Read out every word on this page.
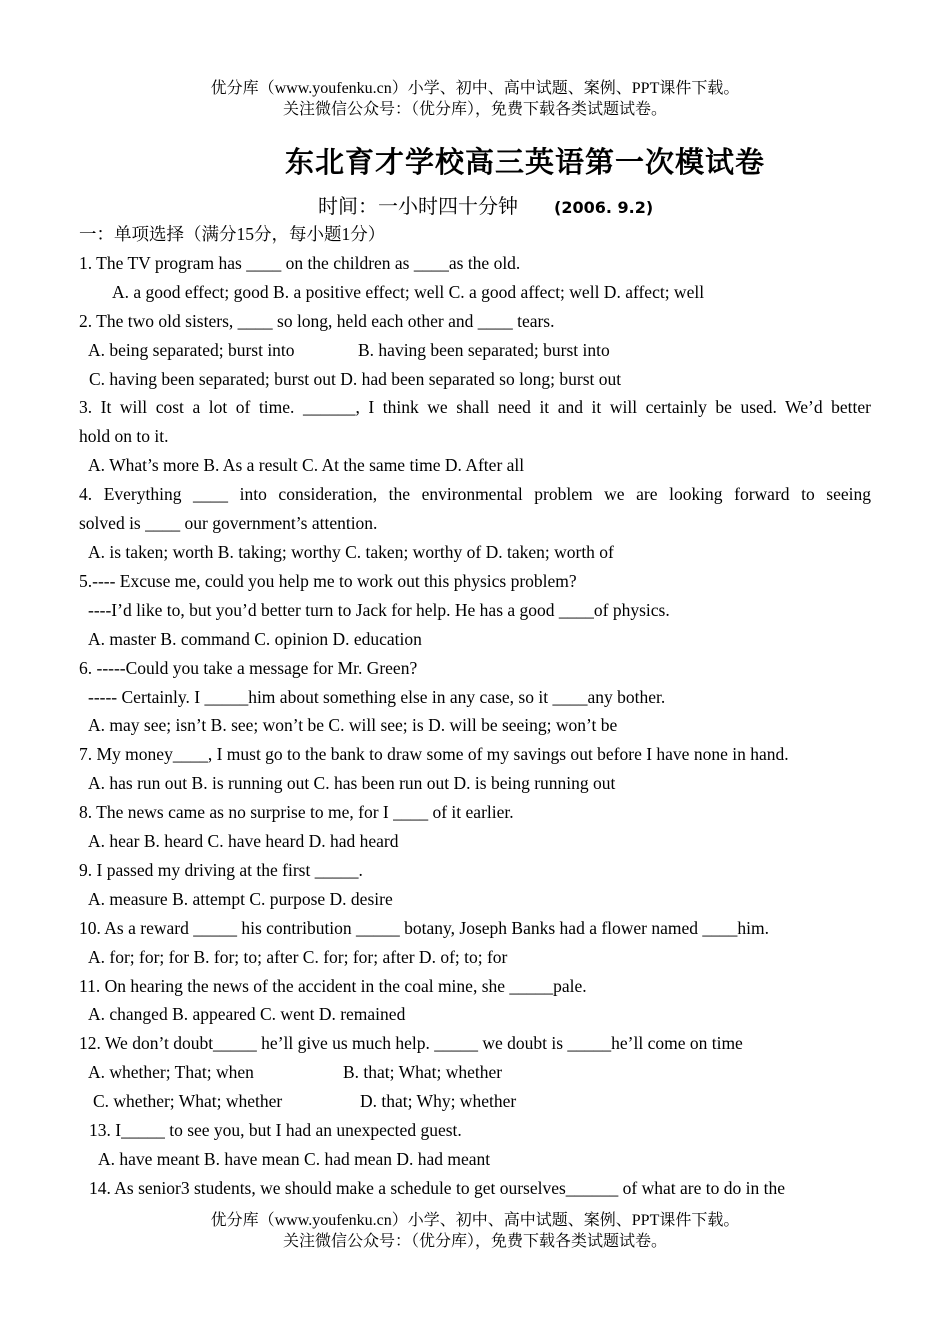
优分库（www.youfenku.cn）小学、初中、高中试题、案例、PPT课件下载。
关注微信公众号：（优分库），免费下载各类试题试卷。
东北育才学校高三英语第一次模试卷
时间：一小时四十分钟 (2006. 9.2)
一：单项选择（满分15分，每小题1分）
1. The TV program has ____ on the children as ____as the old.
A. a good effect; good B. a positive effect; well C. a good affect; well D. affect; well
2. The two old sisters, ____ so long, held each other and ____ tears.
A. being separated; burst into	B. having been separated; burst into
C. having been separated; burst out D. had been separated so long; burst out
3. It will cost a lot of time. ______, I think we shall need it and it will certainly be used. We’d better
hold on to it.
A. What’s more B. As a result C. At the same time D. After all
4. Everything ____ into consideration, the environmental problem we are looking forward to seeing
solved is ____ our government’s attention.
A. is taken; worth B. taking; worthy C. taken; worthy of D. taken; worth of
5.---- Excuse me, could you help me to work out this physics problem?
----I’d like to, but you’d better turn to Jack for help. He has a good ____of physics.
A. master B. command C. opinion D. education
6. -----Could you take a message for Mr. Green?
----- Certainly. I _____him about something else in any case, so it ____any bother.
A. may see; isn’t B. see; won’t be C. will see; is D. will be seeing; won’t be
7. My money____, I must go to the bank to draw some of my savings out before I have none in hand.
A. has run out B. is running out C. has been run out D. is being running out
8. The news came as no surprise to me, for I ____ of it earlier.
A. hear B. heard C. have heard D. had heard
9. I passed my driving at the first _____.
A. measure B. attempt C. purpose D. desire
10. As a reward _____ his contribution _____ botany, Joseph Banks had a flower named ____him.
A. for; for; for B. for; to; after C. for; for; after D. of; to; for
11. On hearing the news of the accident in the coal mine, she _____pale.
A. changed B. appeared C. went D. remained
12. We don’t doubt_____ he’ll give us much help. _____ we doubt is _____he’ll come on time
A. whether; That; when	B. that; What; whether
C. whether; What; whether	D. that; Why; whether
13. I_____ to see you, but I had an unexpected guest.
A. have meant B. have mean C. had mean D. had meant
14. As senior3 students, we should make a schedule to get ourselves______ of what are to do in the
优分库（www.youfenku.cn）小学、初中、高中试题、案例、PPT课件下载。
关注微信公众号：（优分库），免费下载各类试题试卷。
